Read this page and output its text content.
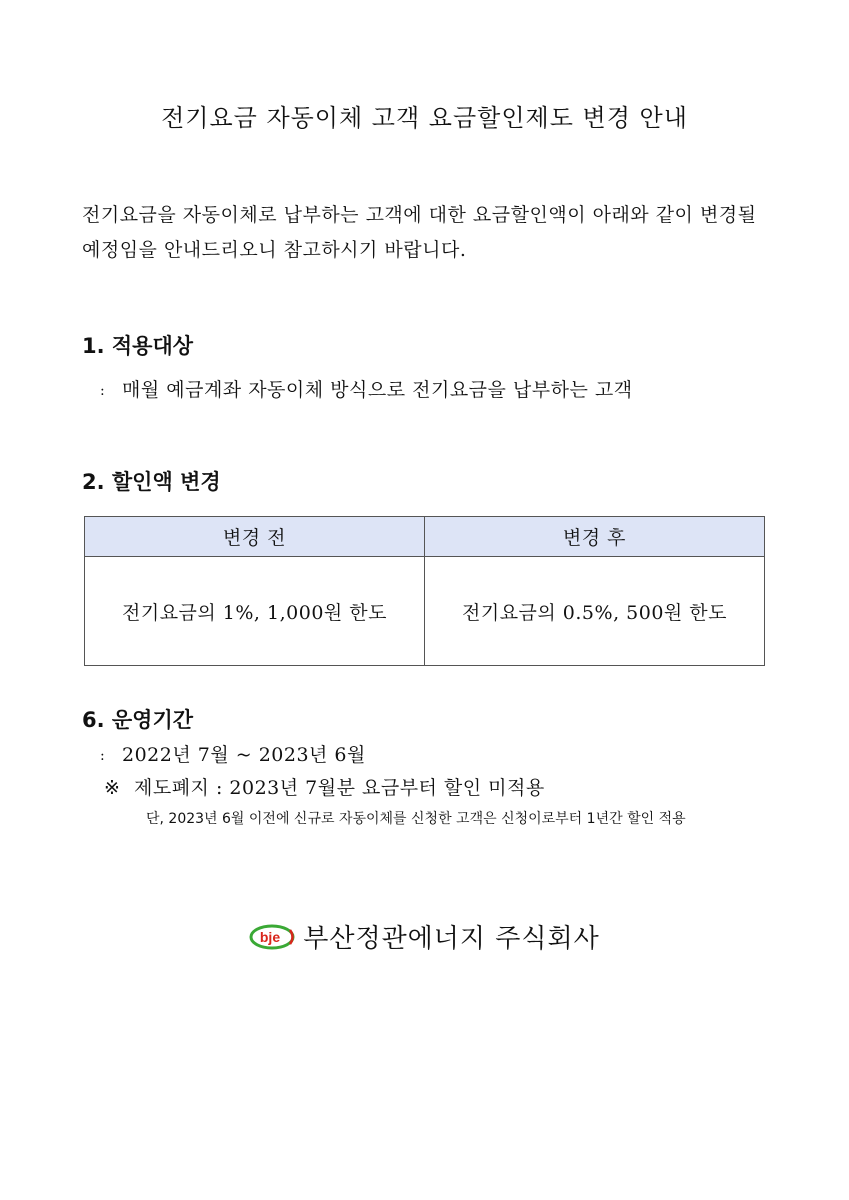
전기요금 자동이체 고객 요금할인제도 변경 안내
전기요금을 자동이체로 납부하는 고객에 대한 요금할인액이 아래와 같이 변경될 예정임을 안내드리오니 참고하시기 바랍니다.
1. 적용대상
: 매월 예금계좌 자동이체 방식으로 전기요금을 납부하는 고객
2. 할인액 변경
변경 전	변경 후
전기요금의 1%, 1,000원 한도	전기요금의 0.5%, 500원 한도
6. 운영기간
: 2022년 7월 ~ 2023년 6월
※ 제도폐지 : 2023년 7월분 요금부터 할인 미적용
단, 2023년 6월 이전에 신규로 자동이체를 신청한 고객은 신청이로부터 1년간 할인 적용
bje 부산정관에너지 주식회사
